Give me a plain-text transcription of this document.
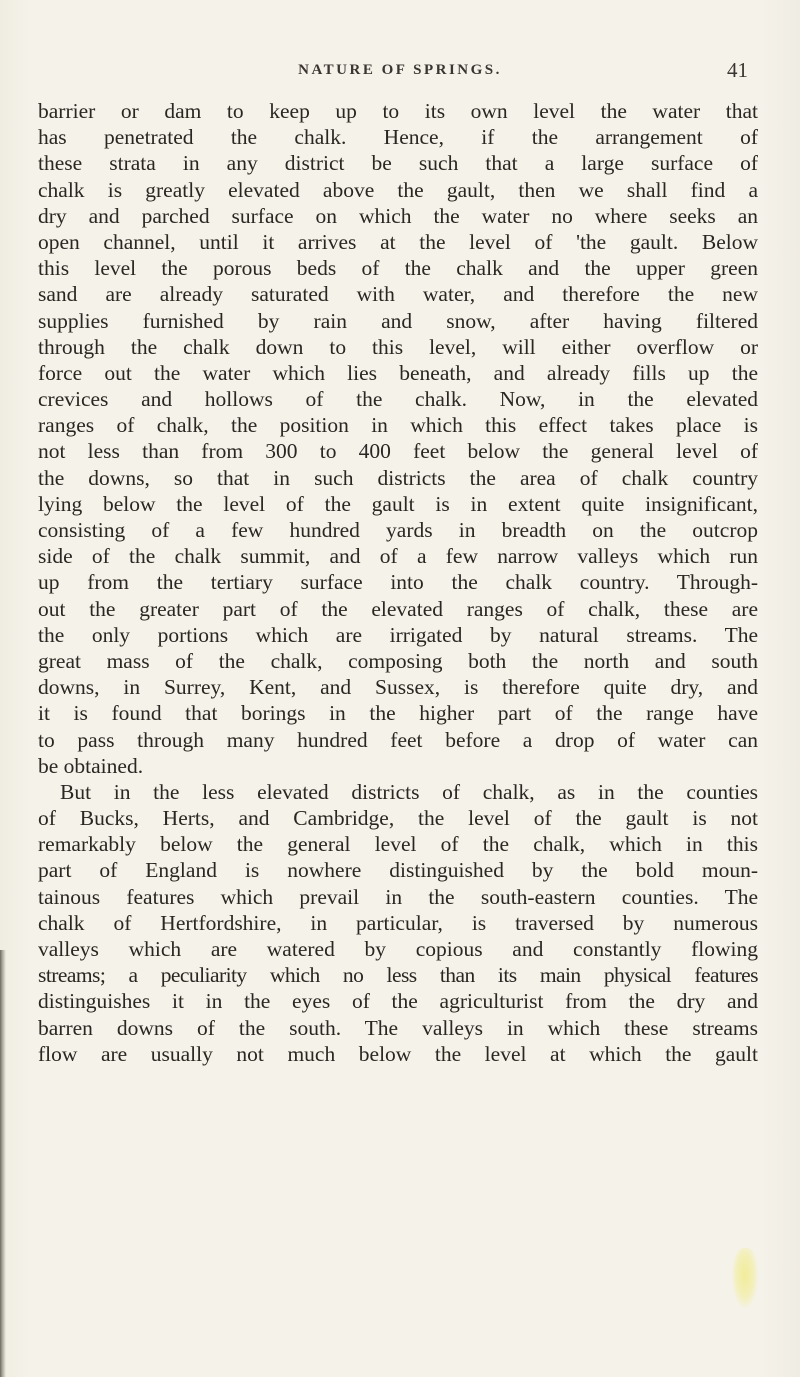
NATURE OF SPRINGS.	41
barrier or dam to keep up to its own level the water that
has penetrated the chalk. Hence, if the arrangement of
these strata in any district be such that a large surface of
chalk is greatly elevated above the gault, then we shall find a
dry and parched surface on which the water no where seeks an
open channel, until it arrives at the level of 'the gault. Below
this level the porous beds of the chalk and the upper green
sand are already saturated with water, and therefore the new
supplies furnished by rain and snow, after having filtered
through the chalk down to this level, will either overflow or
force out the water which lies beneath, and already fills up the
crevices and hollows of the chalk. Now, in the elevated
ranges of chalk, the position in which this effect takes place is
not less than from 300 to 400 feet below the general level of
the downs, so that in such districts the area of chalk country
lying below the level of the gault is in extent quite insignificant,
consisting of a few hundred yards in breadth on the outcrop
side of the chalk summit, and of a few narrow valleys which run
up from the tertiary surface into the chalk country. Through-
out the greater part of the elevated ranges of chalk, these are
the only portions which are irrigated by natural streams. The
great mass of the chalk, composing both the north and south
downs, in Surrey, Kent, and Sussex, is therefore quite dry, and
it is found that borings in the higher part of the range have
to pass through many hundred feet before a drop of water can
be obtained.
But in the less elevated districts of chalk, as in the counties
of Bucks, Herts, and Cambridge, the level of the gault is not
remarkably below the general level of the chalk, which in this
part of England is nowhere distinguished by the bold moun-
tainous features which prevail in the south-eastern counties. The
chalk of Hertfordshire, in particular, is traversed by numerous
valleys which are watered by copious and constantly flowing
streams; a peculiarity which no less than its main physical features
distinguishes it in the eyes of the agriculturist from the dry and
barren downs of the south. The valleys in which these streams
flow are usually not much below the level at which the gault
